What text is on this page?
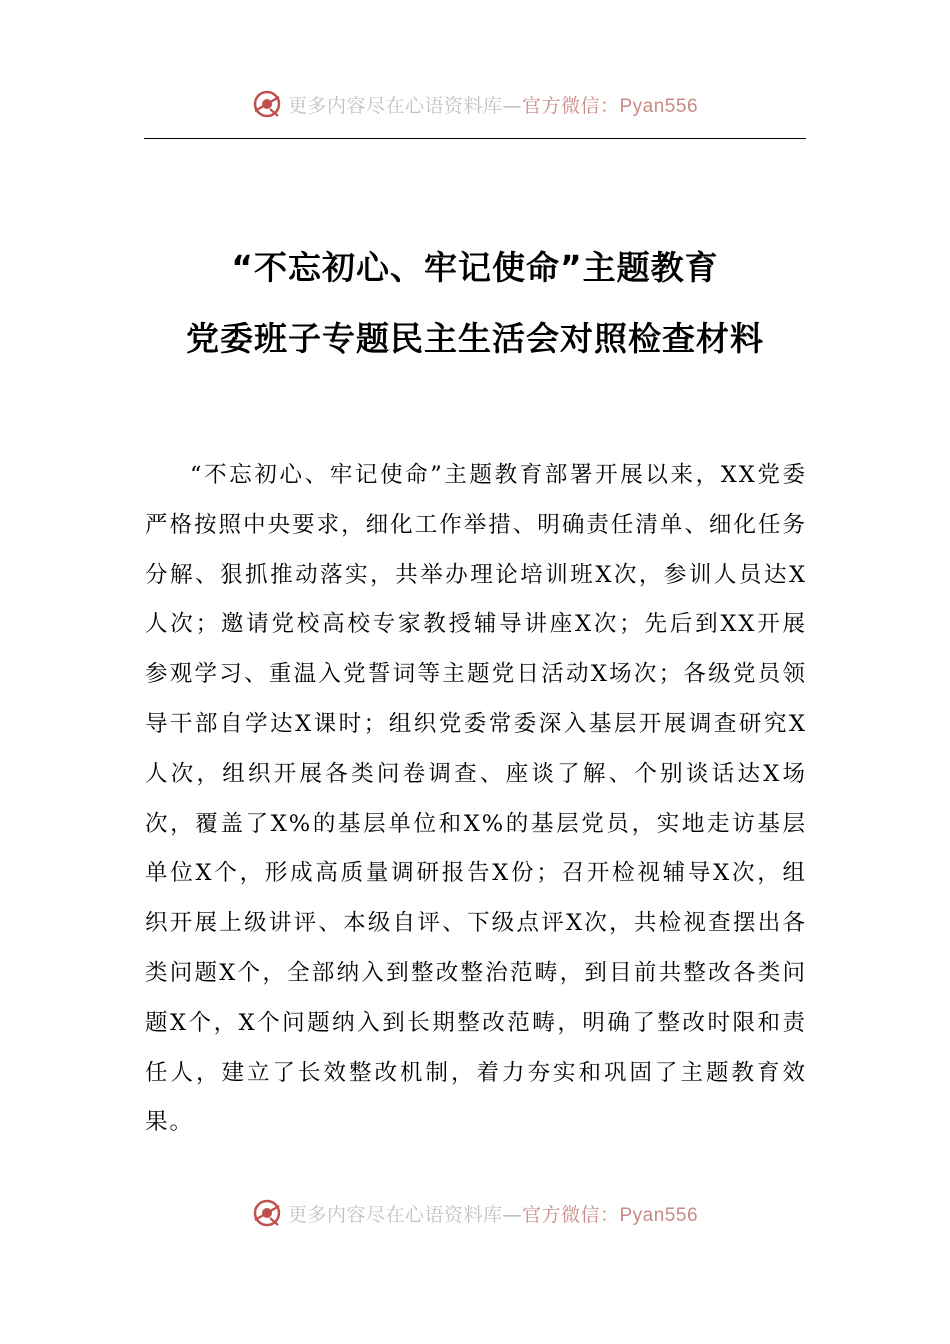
更多内容尽在心语资料库—官方微信：Pyan556
“不忘初心、牢记使命”主题教育
党委班子专题民主生活会对照检查材料

“不忘初心、牢记使命”主题教育部署开展以来，XX党委严格按照中央要求，细化工作举措、明确责任清单、细化任务分解、狠抓推动落实，共举办理论培训班X次，参训人员达X人次；邀请党校高校专家教授辅导讲座X次；先后到XX开展参观学习、重温入党誓词等主题党日活动X场次；各级党员领导干部自学达X课时；组织党委常委深入基层开展调查研究X人次，组织开展各类问卷调查、座谈了解、个别谈话达X场次，覆盖了X%的基层单位和X%的基层党员，实地走访基层单位X个，形成高质量调研报告X份；召开检视辅导X次，组织开展上级讲评、本级自评、下级点评X次，共检视查摆出各类问题X个，全部纳入到整改整治范畴，到目前共整改各类问题X个，X个问题纳入到长期整改范畴，明确了整改时限和责任人，建立了长效整改机制，着力夯实和巩固了主题教育效果。

更多内容尽在心语资料库—官方微信：Pyan556
